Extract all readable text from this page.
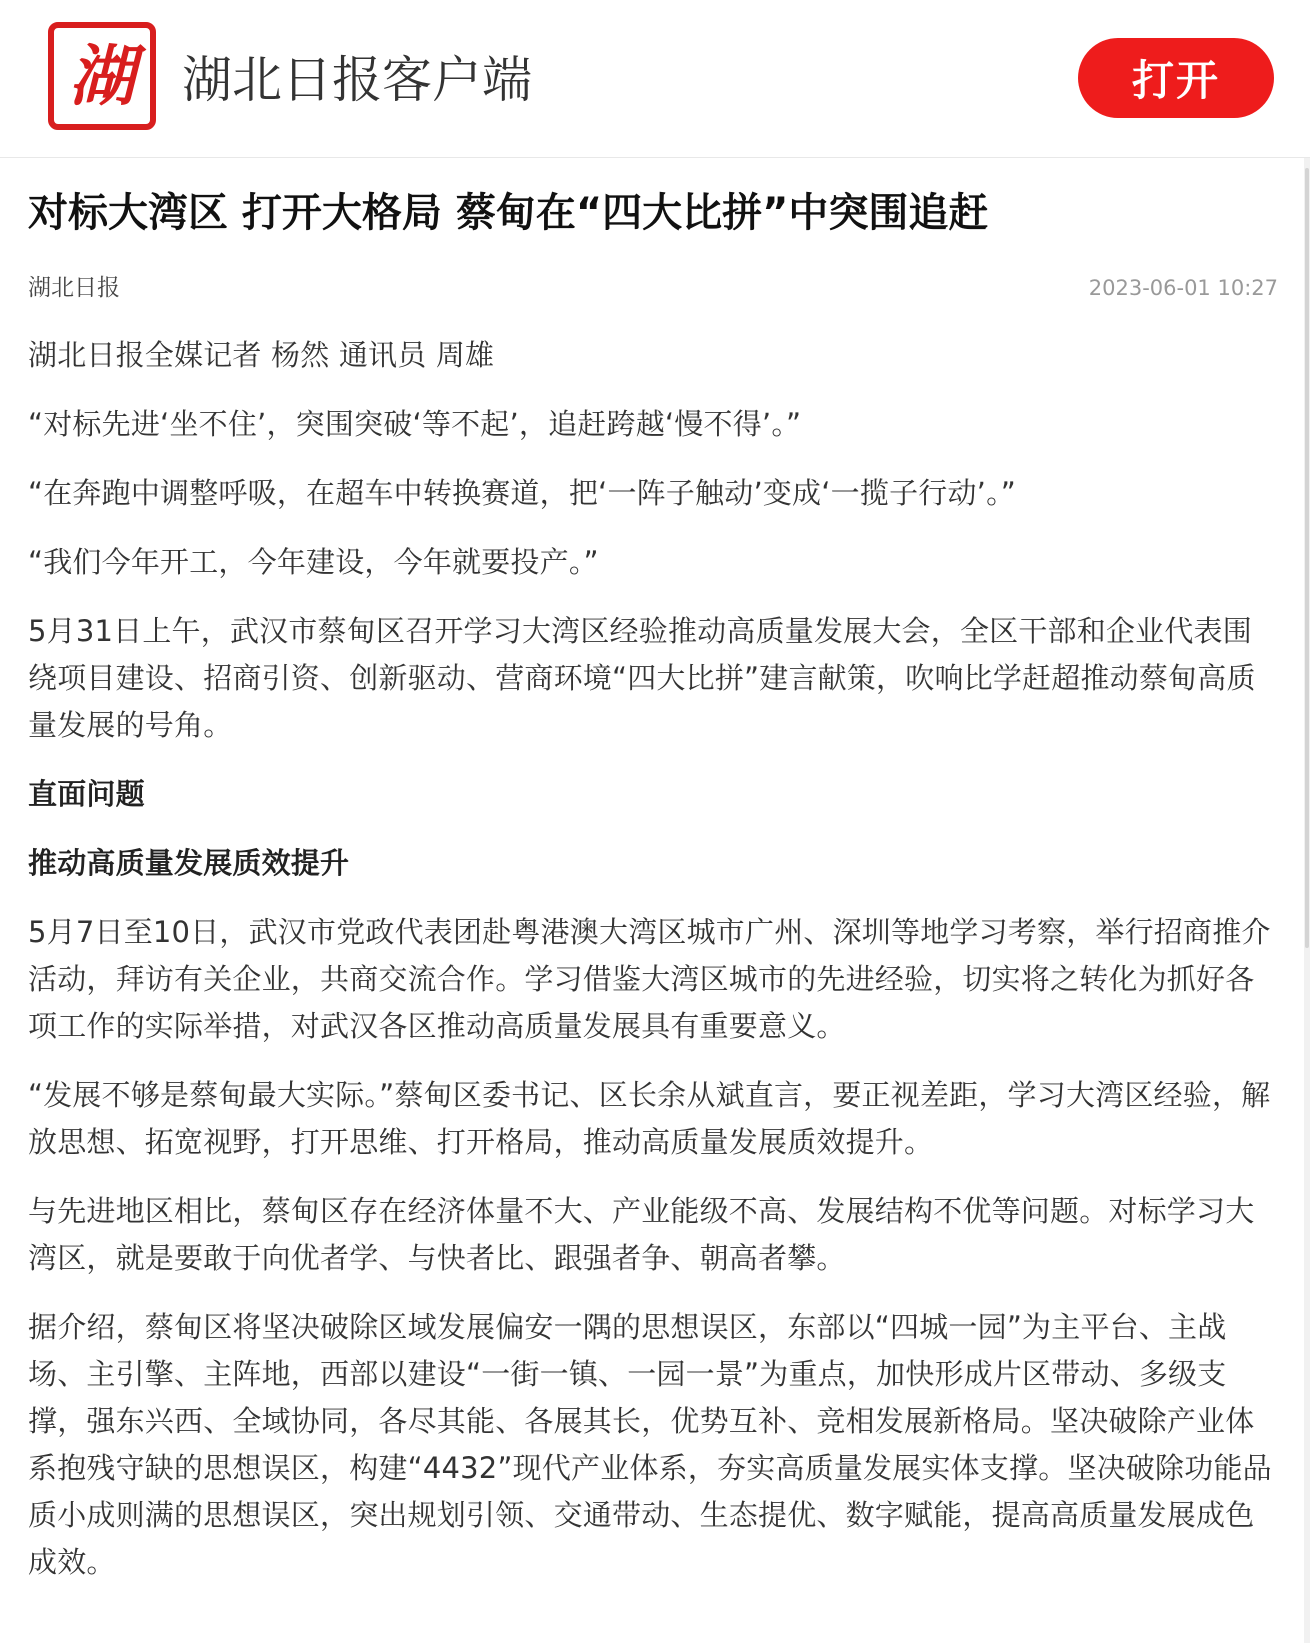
湖 湖北日报客户端	打开
对标大湾区 打开大格局 蔡甸在“四大比拼”中突围追赶
湖北日报	2023-06-01 10:27

湖北日报全媒记者 杨然 通讯员 周雄

“对标先进‘坐不住’，突围突破‘等不起’，追赶跨越‘慢不得’。”

“在奔跑中调整呼吸，在超车中转换赛道，把‘一阵子触动’变成‘一揽子行动’。”

“我们今年开工，今年建设，今年就要投产。”

5月31日上午，武汉市蔡甸区召开学习大湾区经验推动高质量发展大会，全区干部和企业代表围绕项目建设、招商引资、创新驱动、营商环境“四大比拼”建言献策，吹响比学赶超推动蔡甸高质量发展的号角。

直面问题

推动高质量发展质效提升

5月7日至10日，武汉市党政代表团赴粤港澳大湾区城市广州、深圳等地学习考察，举行招商推介活动，拜访有关企业，共商交流合作。学习借鉴大湾区城市的先进经验，切实将之转化为抓好各项工作的实际举措，对武汉各区推动高质量发展具有重要意义。

“发展不够是蔡甸最大实际。”蔡甸区委书记、区长余从斌直言，要正视差距，学习大湾区经验，解放思想、拓宽视野，打开思维、打开格局，推动高质量发展质效提升。

与先进地区相比，蔡甸区存在经济体量不大、产业能级不高、发展结构不优等问题。对标学习大湾区，就是要敢于向优者学、与快者比、跟强者争、朝高者攀。

据介绍，蔡甸区将坚决破除区域发展偏安一隅的思想误区，东部以“四城一园”为主平台、主战场、主引擎、主阵地，西部以建设“一街一镇、一园一景”为重点，加快形成片区带动、多级支撑，强东兴西、全域协同，各尽其能、各展其长，优势互补、竞相发展新格局。坚决破除产业体系抱残守缺的思想误区，构建“4432”现代产业体系，夯实高质量发展实体支撑。坚决破除功能品质小成则满的思想误区，突出规划引领、交通带动、生态提优、数字赋能，提高高质量发展成色成效。
